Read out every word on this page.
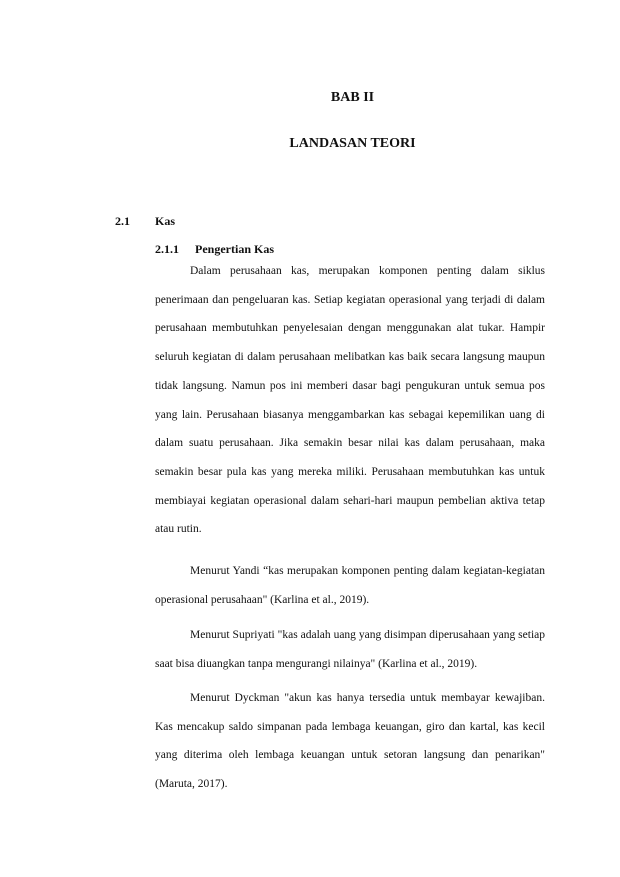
BAB II
LANDASAN TEORI
2.1 Kas
2.1.1 Pengertian Kas

Dalam perusahaan kas, merupakan komponen penting dalam siklus penerimaan dan pengeluaran kas. Setiap kegiatan operasional yang terjadi di dalam perusahaan membutuhkan penyelesaian dengan menggunakan alat tukar. Hampir seluruh kegiatan di dalam perusahaan melibatkan kas baik secara langsung maupun tidak langsung. Namun pos ini memberi dasar bagi pengukuran untuk semua pos yang lain. Perusahaan biasanya menggambarkan kas sebagai kepemilikan uang di dalam suatu perusahaan. Jika semakin besar nilai kas dalam perusahaan, maka semakin besar pula kas yang mereka miliki. Perusahaan membutuhkan kas untuk membiayai kegiatan operasional dalam sehari-hari maupun pembelian aktiva tetap atau rutin.

Menurut Yandi “kas merupakan komponen penting dalam kegiatan-kegiatan operasional perusahaan" (Karlina et al., 2019).

Menurut Supriyati "kas adalah uang yang disimpan diperusahaan yang setiap saat bisa diuangkan tanpa mengurangi nilainya" (Karlina et al., 2019).

Menurut Dyckman "akun kas hanya tersedia untuk membayar kewajiban. Kas mencakup saldo simpanan pada lembaga keuangan, giro dan kartal, kas kecil yang diterima oleh lembaga keuangan untuk setoran langsung dan penarikan" (Maruta, 2017).
